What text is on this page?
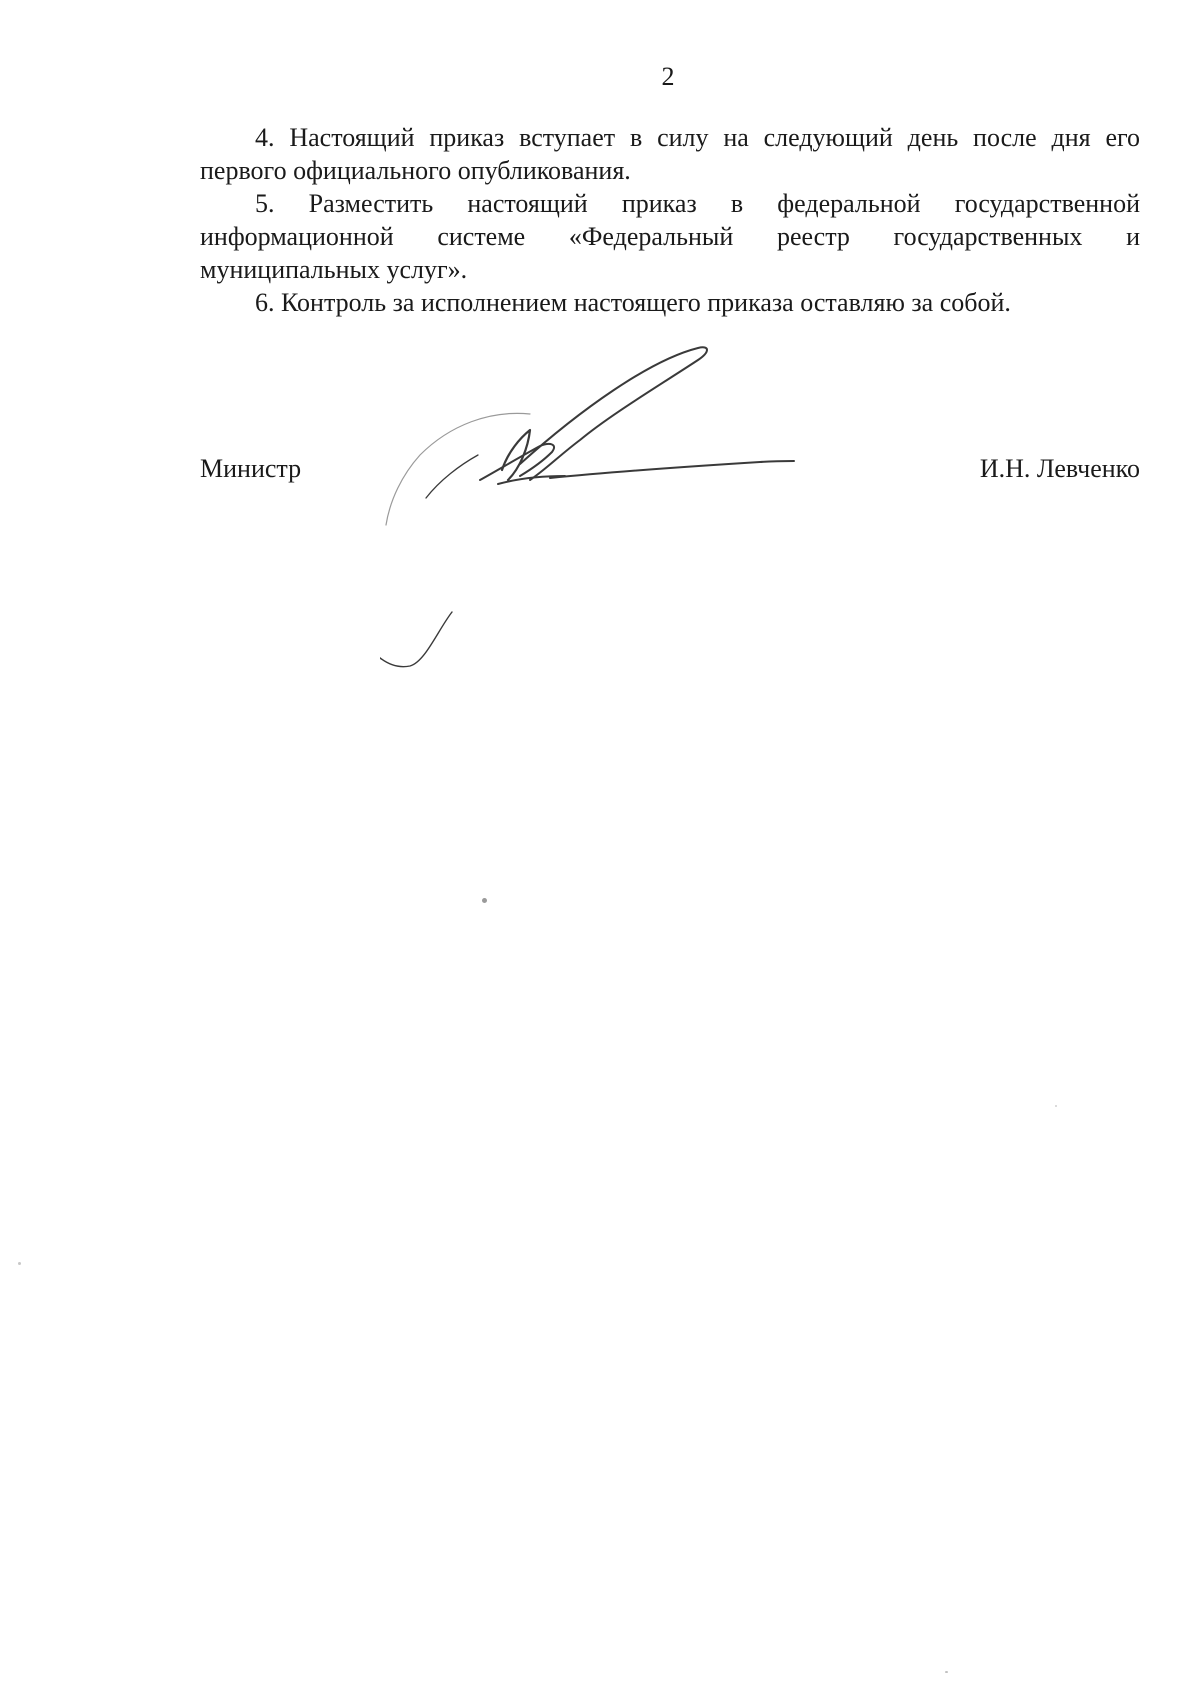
2

4. Настоящий приказ вступает в силу на следующий день после дня его первого официального опубликования.

5. Разместить настоящий приказ в федеральной государственной информационной системе «Федеральный реестр государственных и муниципальных услуг».

6. Контроль за исполнением настоящего приказа оставляю за собой.

Министр	И.Н. Левченко
